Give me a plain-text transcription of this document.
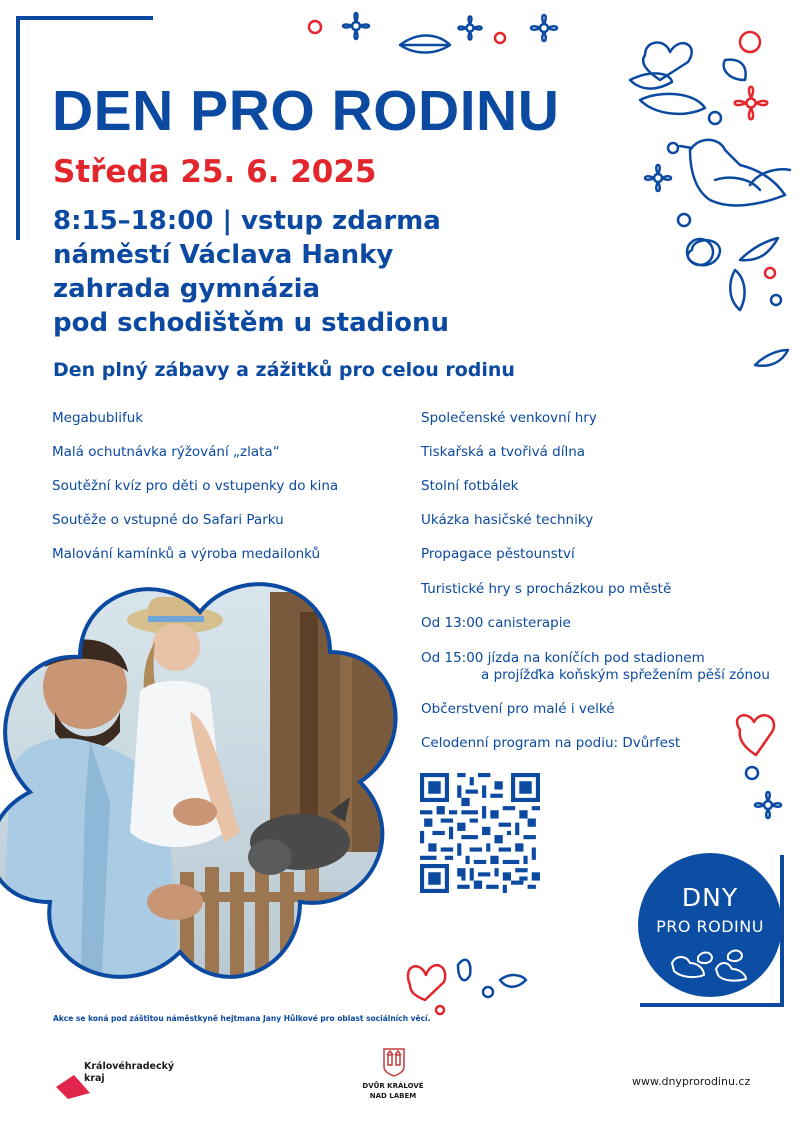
DEN PRO RODINU
Středa 25. 6. 2025
8:15–18:00 | vstup zdarma
náměstí Václava Hanky
zahrada gymnázia
pod schodištěm u stadionu
Den plný zábavy a zážitků pro celou rodinu
Megabublifuk
Malá ochutnávka rýžování „zlata“
Soutěžní kvíz pro děti o vstupenky do kina
Soutěže o vstupné do Safari Parku
Malování kamínků a výroba medailonků
Společenské venkovní hry
Tiskařská a tvořivá dílna
Stolní fotbálek
Ukázka hasičské techniky
Propagace pěstounství
Turistické hry s procházkou po městě
Od 13:00 canisterapie
Od 15:00 jízda na koníčích pod stadionem
a projížďka koňským spřežením pěší zónou
Občerstvení pro malé i velké
Celodenní program na podiu: Dvůrfest
DNY
PRO RODINU
Akce se koná pod záštitou náměstkyně hejtmana Jany Hůlkové pro oblast sociálních věcí.
Královéhradecký
kraj
DVŮR KRÁLOVÉ
NAD LABEM
www.dnyprorodinu.cz
